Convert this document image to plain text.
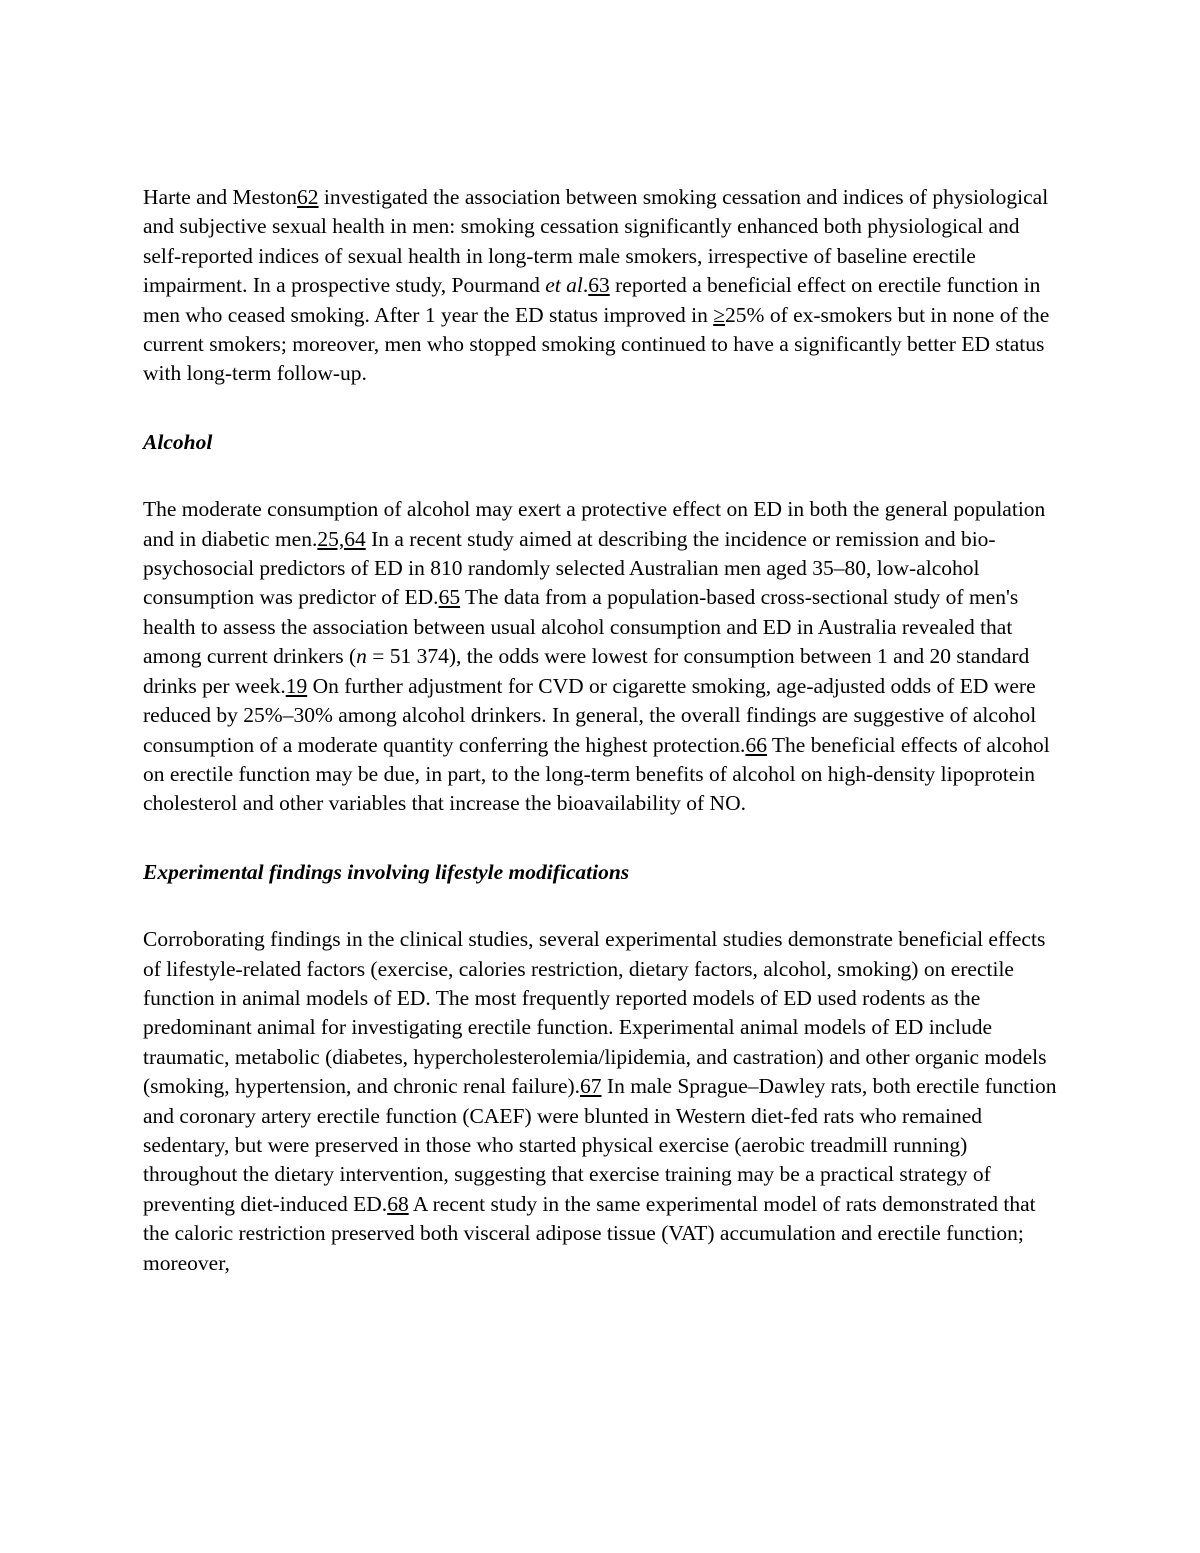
Harte and Meston62 investigated the association between smoking cessation and indices of physiological and subjective sexual health in men: smoking cessation significantly enhanced both physiological and self-reported indices of sexual health in long-term male smokers, irrespective of baseline erectile impairment. In a prospective study, Pourmand et al.63 reported a beneficial effect on erectile function in men who ceased smoking. After 1 year the ED status improved in ≥25% of ex-smokers but in none of the current smokers; moreover, men who stopped smoking continued to have a significantly better ED status with long-term follow-up.

Alcohol

The moderate consumption of alcohol may exert a protective effect on ED in both the general population and in diabetic men.25,64 In a recent study aimed at describing the incidence or remission and bio-psychosocial predictors of ED in 810 randomly selected Australian men aged 35–80, low-alcohol consumption was predictor of ED.65 The data from a population-based cross-sectional study of men's health to assess the association between usual alcohol consumption and ED in Australia revealed that among current drinkers (n = 51 374), the odds were lowest for consumption between 1 and 20 standard drinks per week.19 On further adjustment for CVD or cigarette smoking, age-adjusted odds of ED were reduced by 25%–30% among alcohol drinkers. In general, the overall findings are suggestive of alcohol consumption of a moderate quantity conferring the highest protection.66 The beneficial effects of alcohol on erectile function may be due, in part, to the long-term benefits of alcohol on high-density lipoprotein cholesterol and other variables that increase the bioavailability of NO.

Experimental findings involving lifestyle modifications

Corroborating findings in the clinical studies, several experimental studies demonstrate beneficial effects of lifestyle-related factors (exercise, calories restriction, dietary factors, alcohol, smoking) on erectile function in animal models of ED. The most frequently reported models of ED used rodents as the predominant animal for investigating erectile function. Experimental animal models of ED include traumatic, metabolic (diabetes, hypercholesterolemia/lipidemia, and castration) and other organic models (smoking, hypertension, and chronic renal failure).67 In male Sprague–Dawley rats, both erectile function and coronary artery erectile function (CAEF) were blunted in Western diet-fed rats who remained sedentary, but were preserved in those who started physical exercise (aerobic treadmill running) throughout the dietary intervention, suggesting that exercise training may be a practical strategy of preventing diet-induced ED.68 A recent study in the same experimental model of rats demonstrated that the caloric restriction preserved both visceral adipose tissue (VAT) accumulation and erectile function; moreover,
